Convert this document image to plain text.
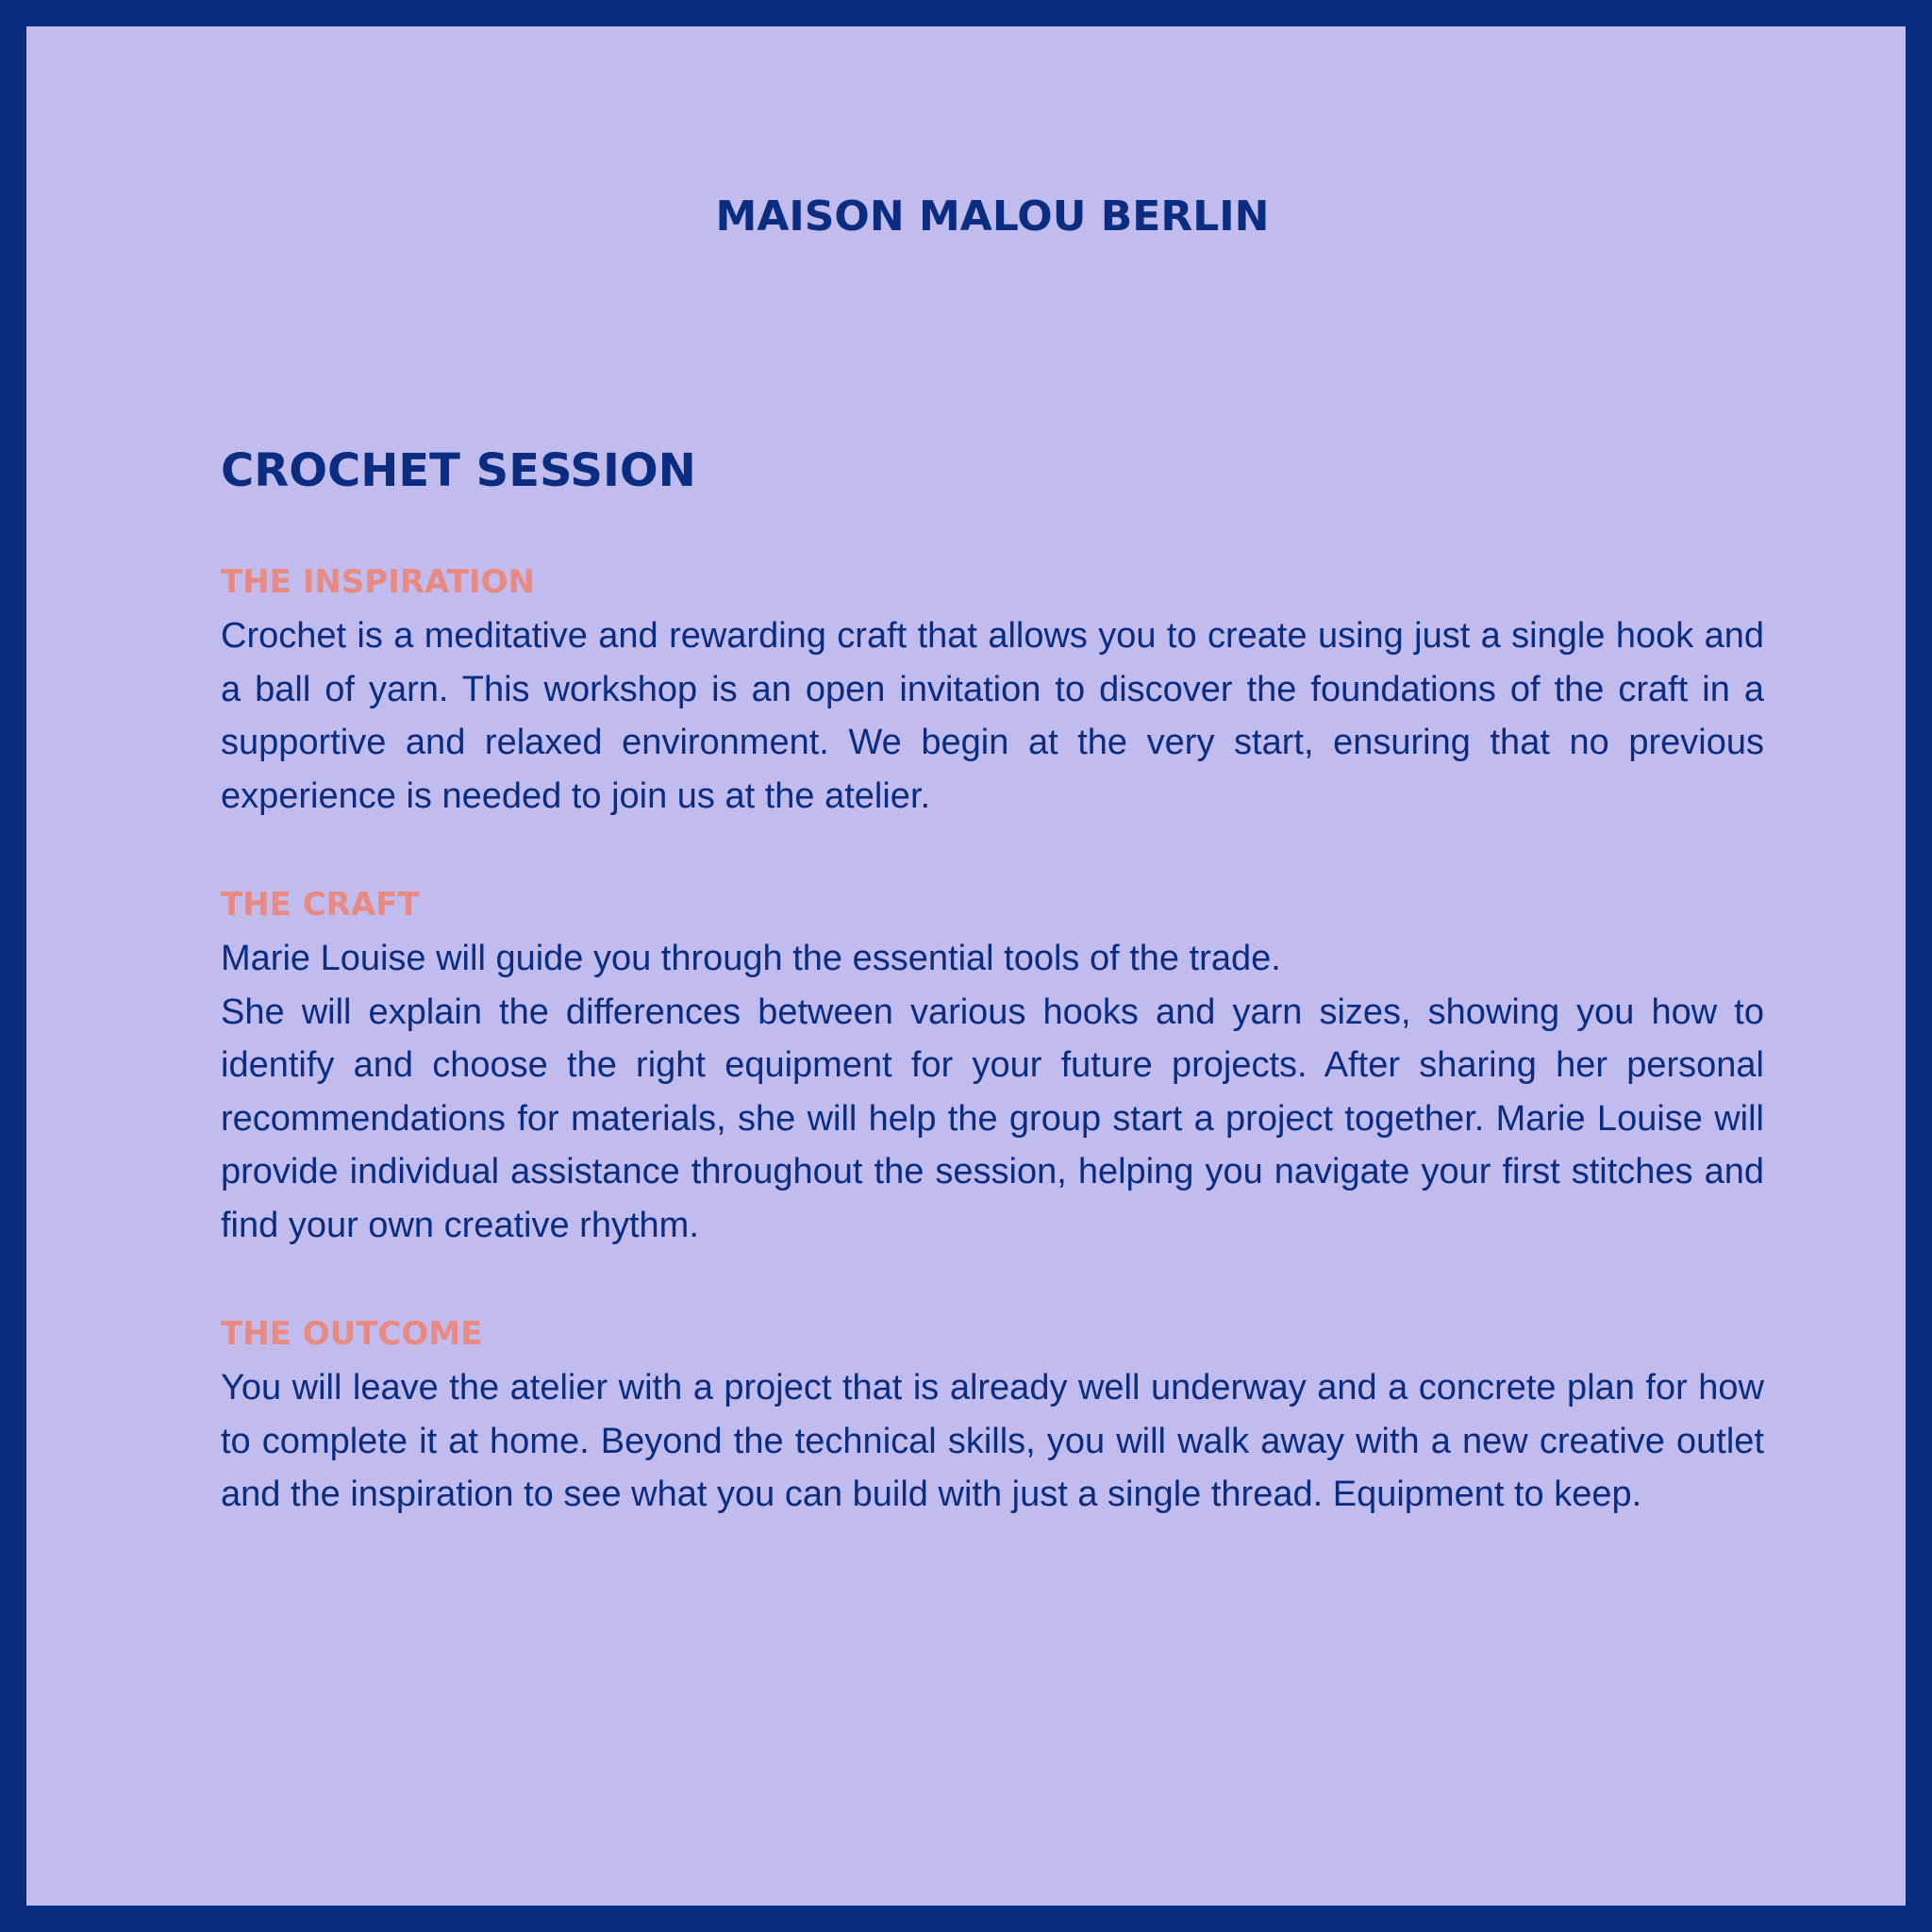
MAISON MALOU BERLIN
CROCHET SESSION
THE INSPIRATION

Crochet is a meditative and rewarding craft that allows you to create using just a single hook and a ball of yarn. This workshop is an open invitation to discover the foundations of the craft in a supportive and relaxed environment. We begin at the very start, ensuring that no previous experience is needed to join us at the atelier.

THE CRAFT

Marie Louise will guide you through the essential tools of the trade.

She will explain the differences between various hooks and yarn sizes, showing you how to identify and choose the right equipment for your future projects. After sharing her personal recommendations for materials, she will help the group start a project together. Marie Louise will provide individual assistance throughout the session, helping you navigate your first stitches and find your own creative rhythm.

THE OUTCOME

You will leave the atelier with a project that is already well underway and a concrete plan for how to complete it at home. Beyond the technical skills, you will walk away with a new creative outlet and the inspiration to see what you can build with just a single thread. Equipment to keep.
